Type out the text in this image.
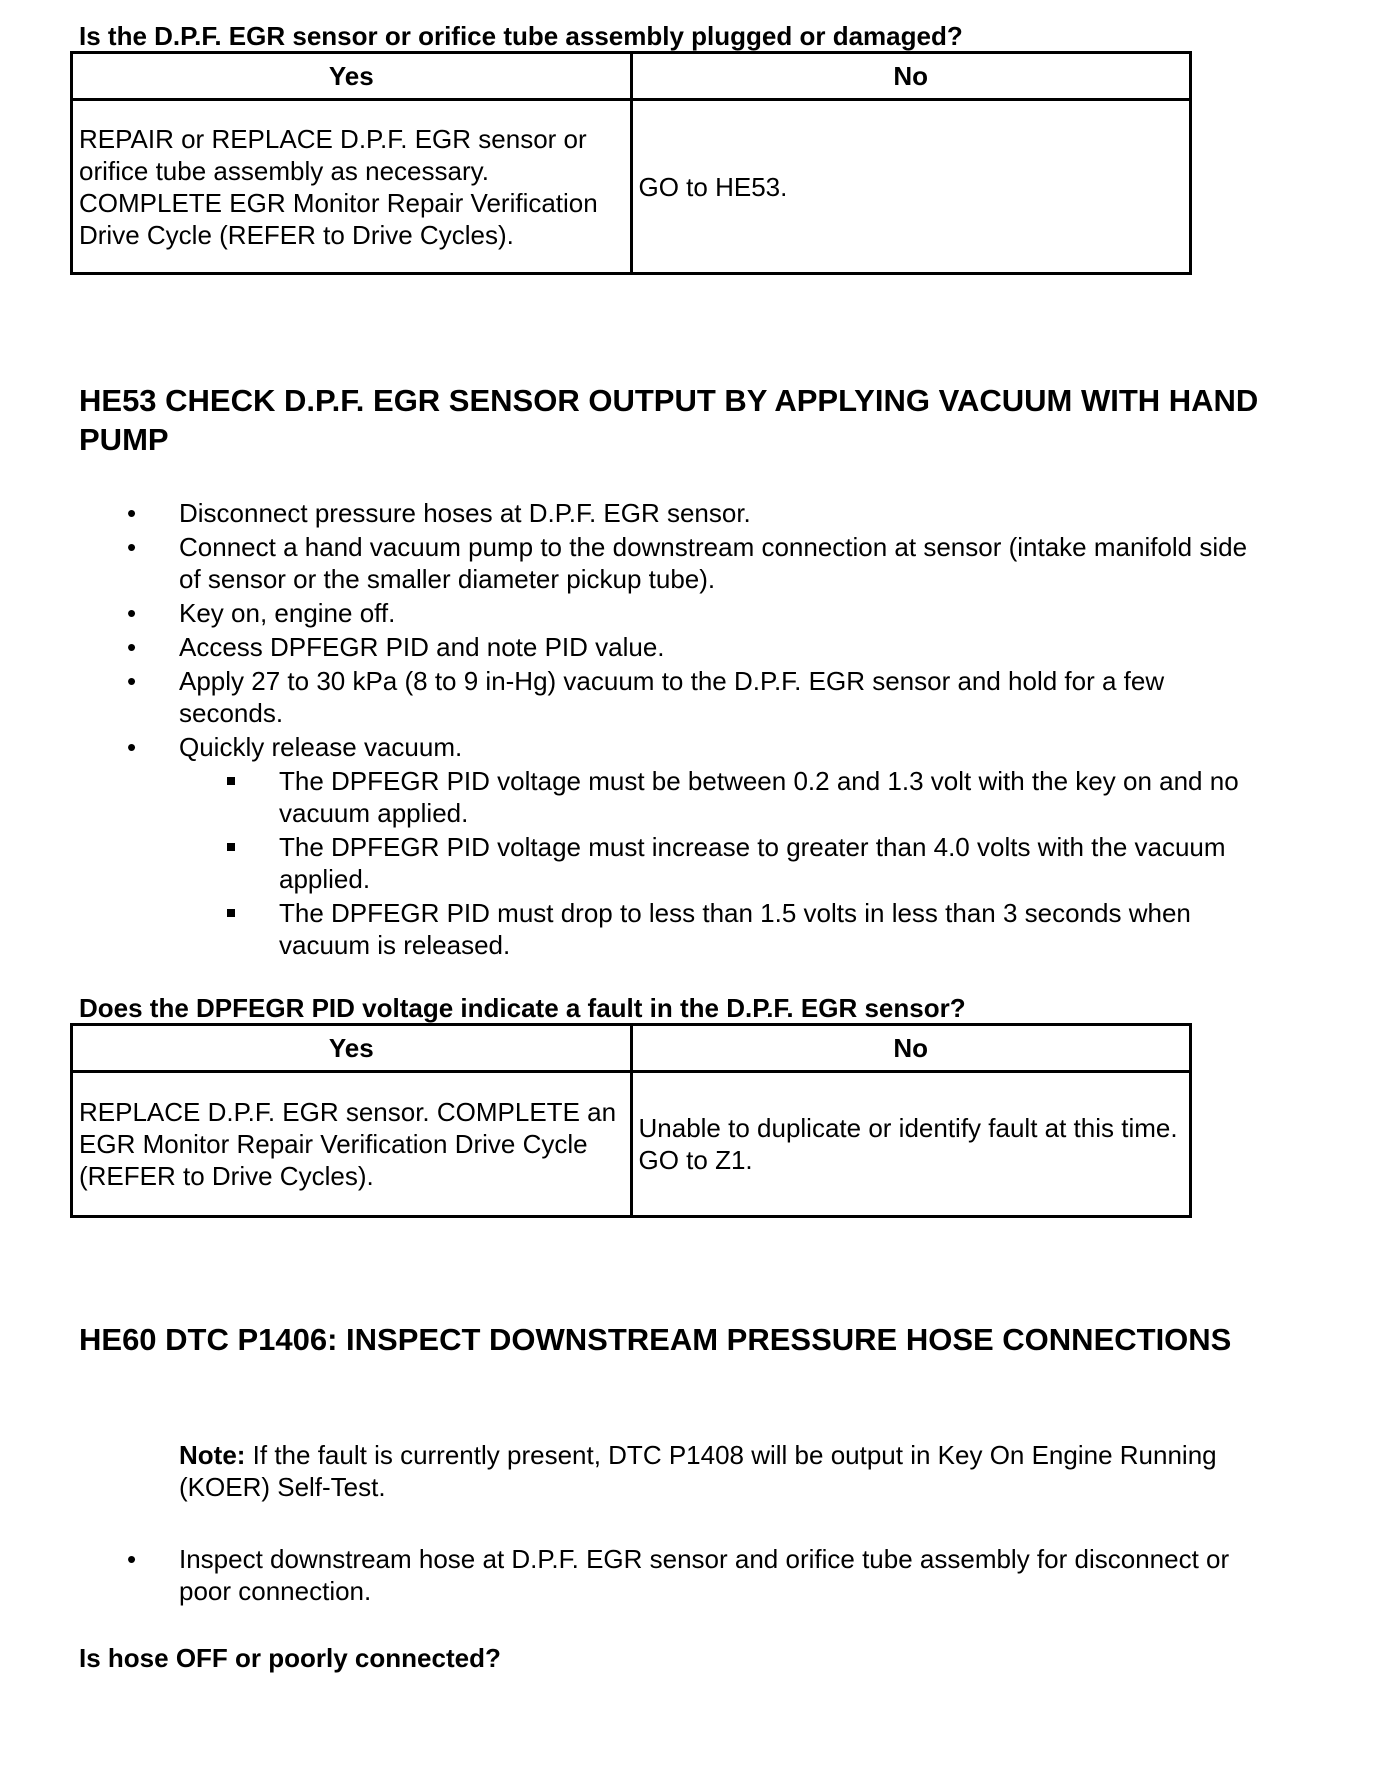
Is the D.P.F. EGR sensor or orifice tube assembly plugged or damaged?
Yes	No
REPAIR or REPLACE D.P.F. EGR sensor or orifice tube assembly as necessary. COMPLETE EGR Monitor Repair Verification Drive Cycle (REFER to Drive Cycles).	GO to HE53.
HE53 CHECK D.P.F. EGR SENSOR OUTPUT BY APPLYING VACUUM WITH HAND PUMP
• Disconnect pressure hoses at D.P.F. EGR sensor.
• Connect a hand vacuum pump to the downstream connection at sensor (intake manifold side of sensor or the smaller diameter pickup tube).
• Key on, engine off.
• Access DPFEGR PID and note PID value.
• Apply 27 to 30 kPa (8 to 9 in-Hg) vacuum to the D.P.F. EGR sensor and hold for a few seconds.
• Quickly release vacuum.
The DPFEGR PID voltage must be between 0.2 and 1.3 volt with the key on and no vacuum applied.
The DPFEGR PID voltage must increase to greater than 4.0 volts with the vacuum applied.
The DPFEGR PID must drop to less than 1.5 volts in less than 3 seconds when vacuum is released.
Does the DPFEGR PID voltage indicate a fault in the D.P.F. EGR sensor?
Yes	No
REPLACE D.P.F. EGR sensor. COMPLETE an EGR Monitor Repair Verification Drive Cycle (REFER to Drive Cycles).	Unable to duplicate or identify fault at this time. GO to Z1.
HE60 DTC P1406: INSPECT DOWNSTREAM PRESSURE HOSE CONNECTIONS
Note: If the fault is currently present, DTC P1408 will be output in Key On Engine Running (KOER) Self-Test.
• Inspect downstream hose at D.P.F. EGR sensor and orifice tube assembly for disconnect or poor connection.
Is hose OFF or poorly connected?
